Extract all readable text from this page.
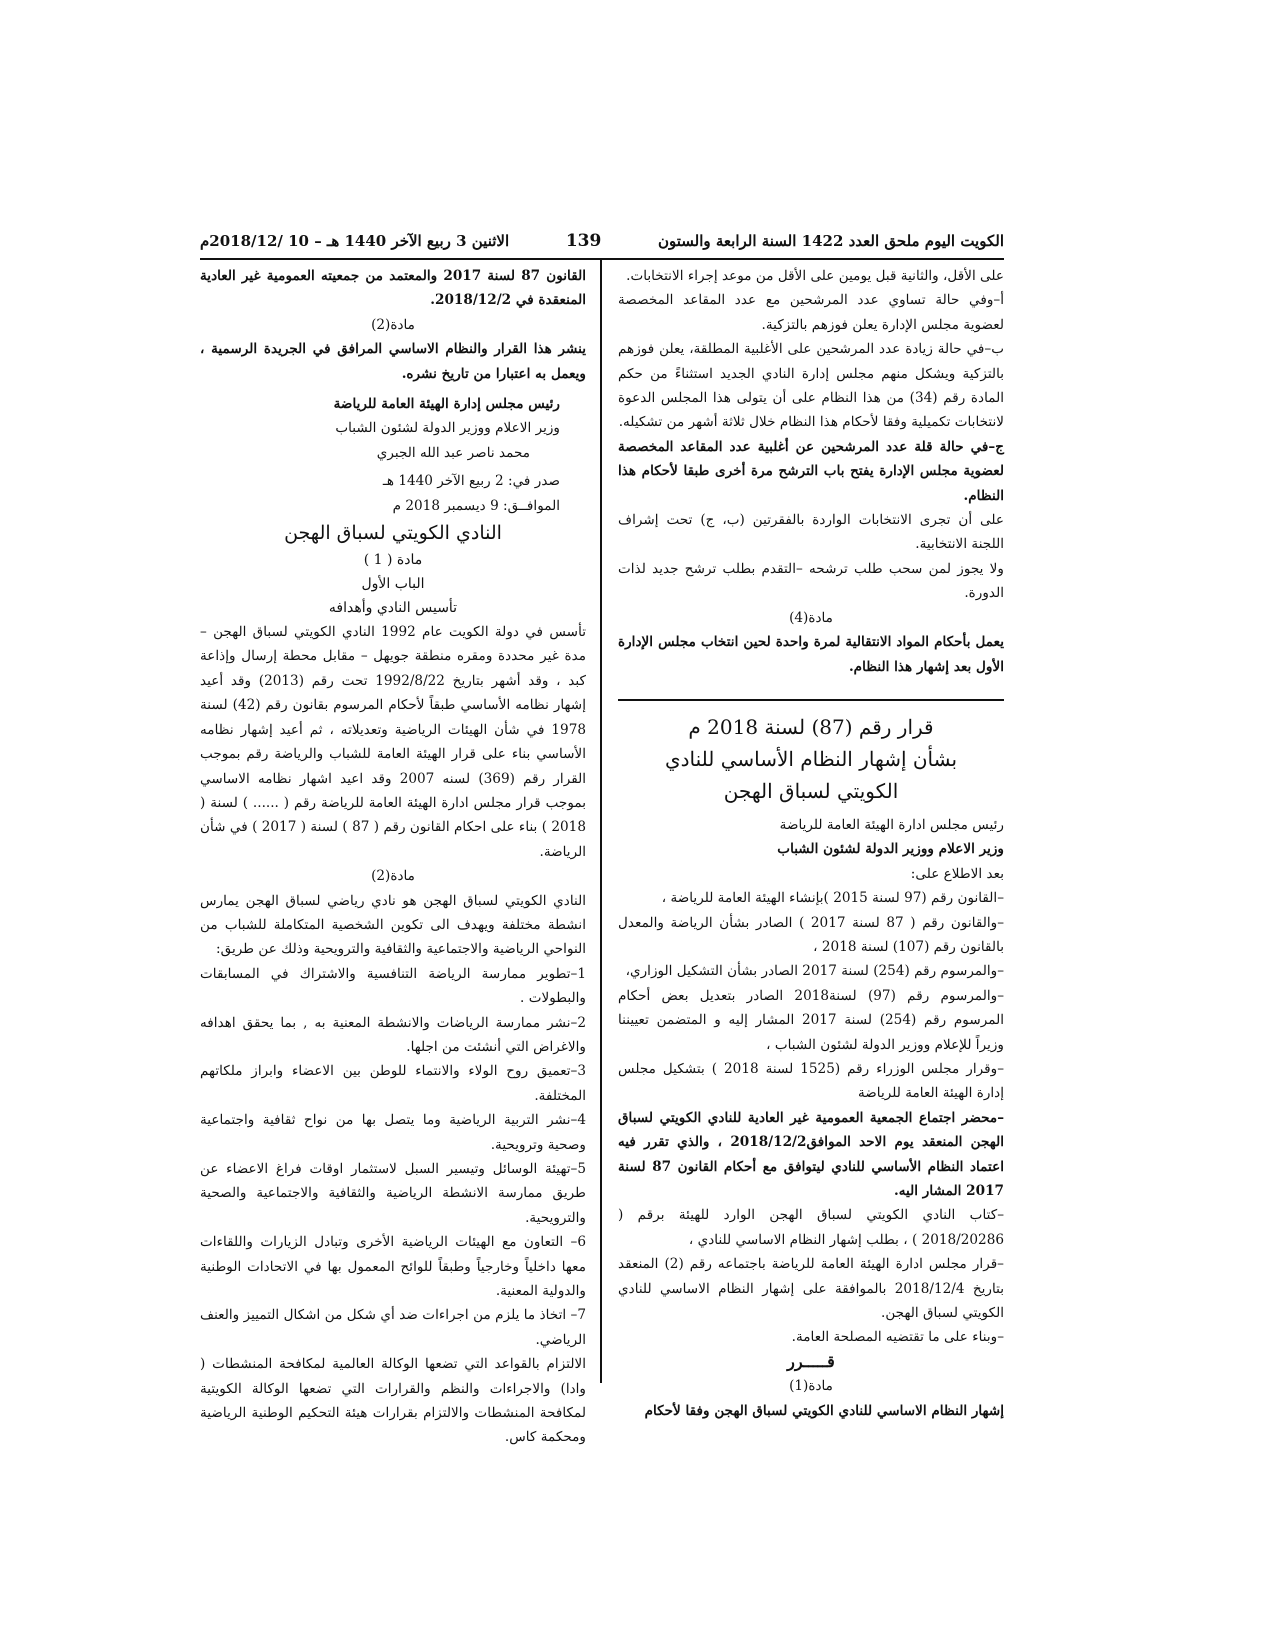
الكويت اليوم ملحق العدد 1422 السنة الرابعة والستون
139
الاثنين 3 ربيع الآخر 1440 هـ – 10 /2018/12م

على الأقل، والثانية قبل يومين على الأقل من موعد إجراء الانتخابات.

أ–وفي حالة تساوي عدد المرشحين مع عدد المقاعد المخصصة لعضوية مجلس الإدارة يعلن فوزهم بالتزكية.

ب–في حالة زيادة عدد المرشحين على الأغلبية المطلقة، يعلن فوزهم بالتزكية ويشكل منهم مجلس إدارة النادي الجديد استثناءً من حكم المادة رقم (34) من هذا النظام على أن يتولى هذا المجلس الدعوة لانتخابات تكميلية وفقا لأحكام هذا النظام خلال ثلاثة أشهر من تشكيله.

ج–في حالة قلة عدد المرشحين عن أغلبية عدد المقاعد المخصصة لعضوية مجلس الإدارة يفتح باب الترشح مرة أخرى طبقا لأحكام هذا النظام.

على أن تجرى الانتخابات الواردة بالفقرتين (ب، ج) تحت إشراف اللجنة الانتخابية.

ولا يجوز لمن سحب طلب ترشحه –التقدم بطلب ترشح جديد لذات الدورة.

مادة(4)

يعمل بأحكام المواد الانتقالية لمرة واحدة لحين انتخاب مجلس الإدارة الأول بعد إشهار هذا النظام.

قرار رقم (87) لسنة 2018 م

بشأن إشهار النظام الأساسي للنادي

الكويتي لسباق الهجن

رئيس مجلس ادارة الهيئة العامة للرياضة

وزير الاعلام ووزير الدولة لشئون الشباب

بعد الاطلاع على:

–القانون رقم (97 لسنة 2015 )بإنشاء الهيئة العامة للرياضة ،

–والقانون رقم ( 87 لسنة 2017 ) الصادر بشأن الرياضة والمعدل بالقانون رقم (107) لسنة 2018 ،

–والمرسوم رقم (254) لسنة 2017 الصادر بشأن التشكيل الوزاري،

–والمرسوم رقم (97) لسنة2018 الصادر بتعديل بعض أحكام المرسوم رقم (254) لسنة 2017 المشار إليه و المتضمن تعييننا وزيراً للإعلام ووزير الدولة لشئون الشباب ،

–وقرار مجلس الوزراء رقم (1525 لسنة 2018 ) بتشكيل مجلس إدارة الهيئة العامة للرياضة

–محضر اجتماع الجمعية العمومية غير العادية للنادي الكويتي لسباق الهجن المنعقد يوم الاحد الموافق2018/12/2 ، والذي تقرر فيه اعتماد النظام الأساسي للنادي ليتوافق مع أحكام القانون 87 لسنة 2017 المشار اليه.

–كتاب النادي الكويتي لسباق الهجن الوارد للهيئة برقم ( 2018/20286 ) ، بطلب إشهار النظام الاساسي للنادي ،

–قرار مجلس ادارة الهيئة العامة للرياضة باجتماعه رقم (2) المنعقد بتاريخ 2018/12/4 بالموافقة على إشهار النظام الاساسي للنادي الكويتي لسباق الهجن.

–وبناء على ما تقتضيه المصلحة العامة.

قـــــرر

مادة(1)

إشهار النظام الاساسي للنادي الكويتي لسباق الهجن وفقا لأحكام

القانون 87 لسنة 2017 والمعتمد من جمعيته العمومية غير العادية المنعقدة في 2018/12/2.

مادة(2)

ينشر هذا القرار والنظام الاساسي المرافق في الجريدة الرسمية ، ويعمل به اعتبارا من تاريخ نشره.

رئيس مجلس إدارة الهيئة العامة للرياضة

وزير الاعلام ووزير الدولة لشئون الشباب

محمد ناصر عبد الله الجبري

صدر في: 2 ربيع الآخر 1440 هـ

الموافــق: 9 ديسمبر 2018 م

النادي الكويتي لسباق الهجن

مادة ( 1 )

الباب الأول

تأسيس النادي وأهدافه

تأسس في دولة الكويت عام 1992 النادي الكويتي لسباق الهجن – مدة غير محددة ومقره منطقة جويهل – مقابل محطة إرسال وإذاعة كبد ، وقد أشهر بتاريخ 1992/8/22 تحت رقم (2013) وقد أعيد إشهار نظامه الأساسي طبقاً لأحكام المرسوم بقانون رقم (42) لسنة 1978 في شأن الهيئات الرياضية وتعديلاته ، ثم أعيد إشهار نظامه الأساسي بناء على قرار الهيئة العامة للشباب والرياضة رقم بموجب القرار رقم (369) لسنه 2007 وقد اعيد اشهار نظامه الاساسي بموجب قرار مجلس ادارة الهيئة العامة للرياضة رقم ( ...... ) لسنة ( 2018 ) بناء على احكام القانون رقم ( 87 ) لسنة ( 2017 ) في شأن الرياضة.

مادة(2)

النادي الكويتي لسباق الهجن هو نادي رياضي لسباق الهجن يمارس انشطة مختلفة ويهدف الى تكوين الشخصية المتكاملة للشباب من النواحي الرياضية والاجتماعية والثقافية والترويحية وذلك عن طريق:

1–تطوير ممارسة الرياضة التنافسية والاشتراك في المسابقات والبطولات .

2–نشر ممارسة الرياضات والانشطة المعنية به , بما يحقق اهدافه والاغراض التي أنشئت من اجلها.

3–تعميق روح الولاء والانتماء للوطن بين الاعضاء وابراز ملكاتهم المختلفة.

4–نشر التربية الرياضية وما يتصل بها من نواح ثقافية واجتماعية وصحية وترويحية.

5–تهيئة الوسائل وتيسير السبل لاستثمار اوقات فراغ الاعضاء عن طريق ممارسة الانشطة الرياضية والثقافية والاجتماعية والصحية والترويحية.

6– التعاون مع الهيئات الرياضية الأخرى وتبادل الزيارات واللقاءات معها داخلياً وخارجياً وطبقاً للوائح المعمول بها في الاتحادات الوطنية والدولية المعنية.

7– اتخاذ ما يلزم من اجراءات ضد أي شكل من اشكال التمييز والعنف الرياضي.

الالتزام بالقواعد التي تضعها الوكالة العالمية لمكافحة المنشطات ( وادا) والاجراءات والنظم والقرارات التي تضعها الوكالة الكويتية لمكافحة المنشطات والالتزام بقرارات هيئة التحكيم الوطنية الرياضية ومحكمة كاس.
